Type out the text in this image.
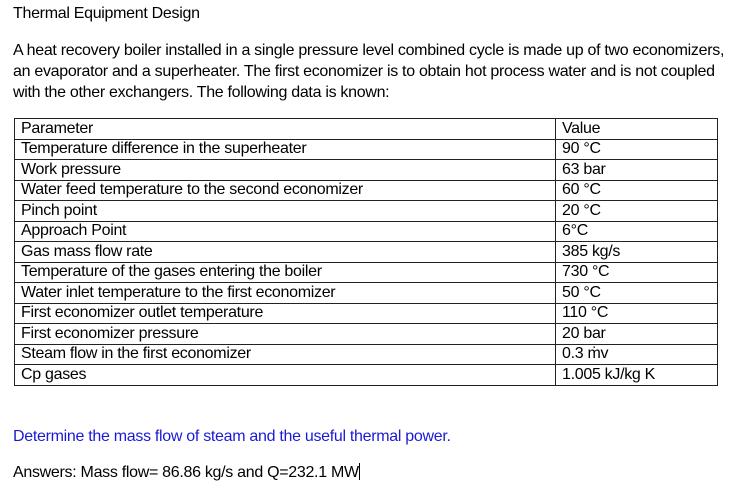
Thermal Equipment Design
A heat recovery boiler installed in a single pressure level combined cycle is made up of two economizers, an evaporator and a superheater. The first economizer is to obtain hot process water and is not coupled with the other exchangers. The following data is known:
Parameter	Value
Temperature difference in the superheater	90 °C
Work pressure	63 bar
Water feed temperature to the second economizer	60 °C
Pinch point	20 °C
Approach Point	6°C
Gas mass flow rate	385 kg/s
Temperature of the gases entering the boiler	730 °C
Water inlet temperature to the first economizer	50 °C
First economizer outlet temperature	110 °C
First economizer pressure	20 bar
Steam flow in the first economizer	0.3 ṁv
Cp gases	1.005 kJ/kg K
Determine the mass flow of steam and the useful thermal power.
Answers: Mass flow= 86.86 kg/s and Q=232.1 MW
